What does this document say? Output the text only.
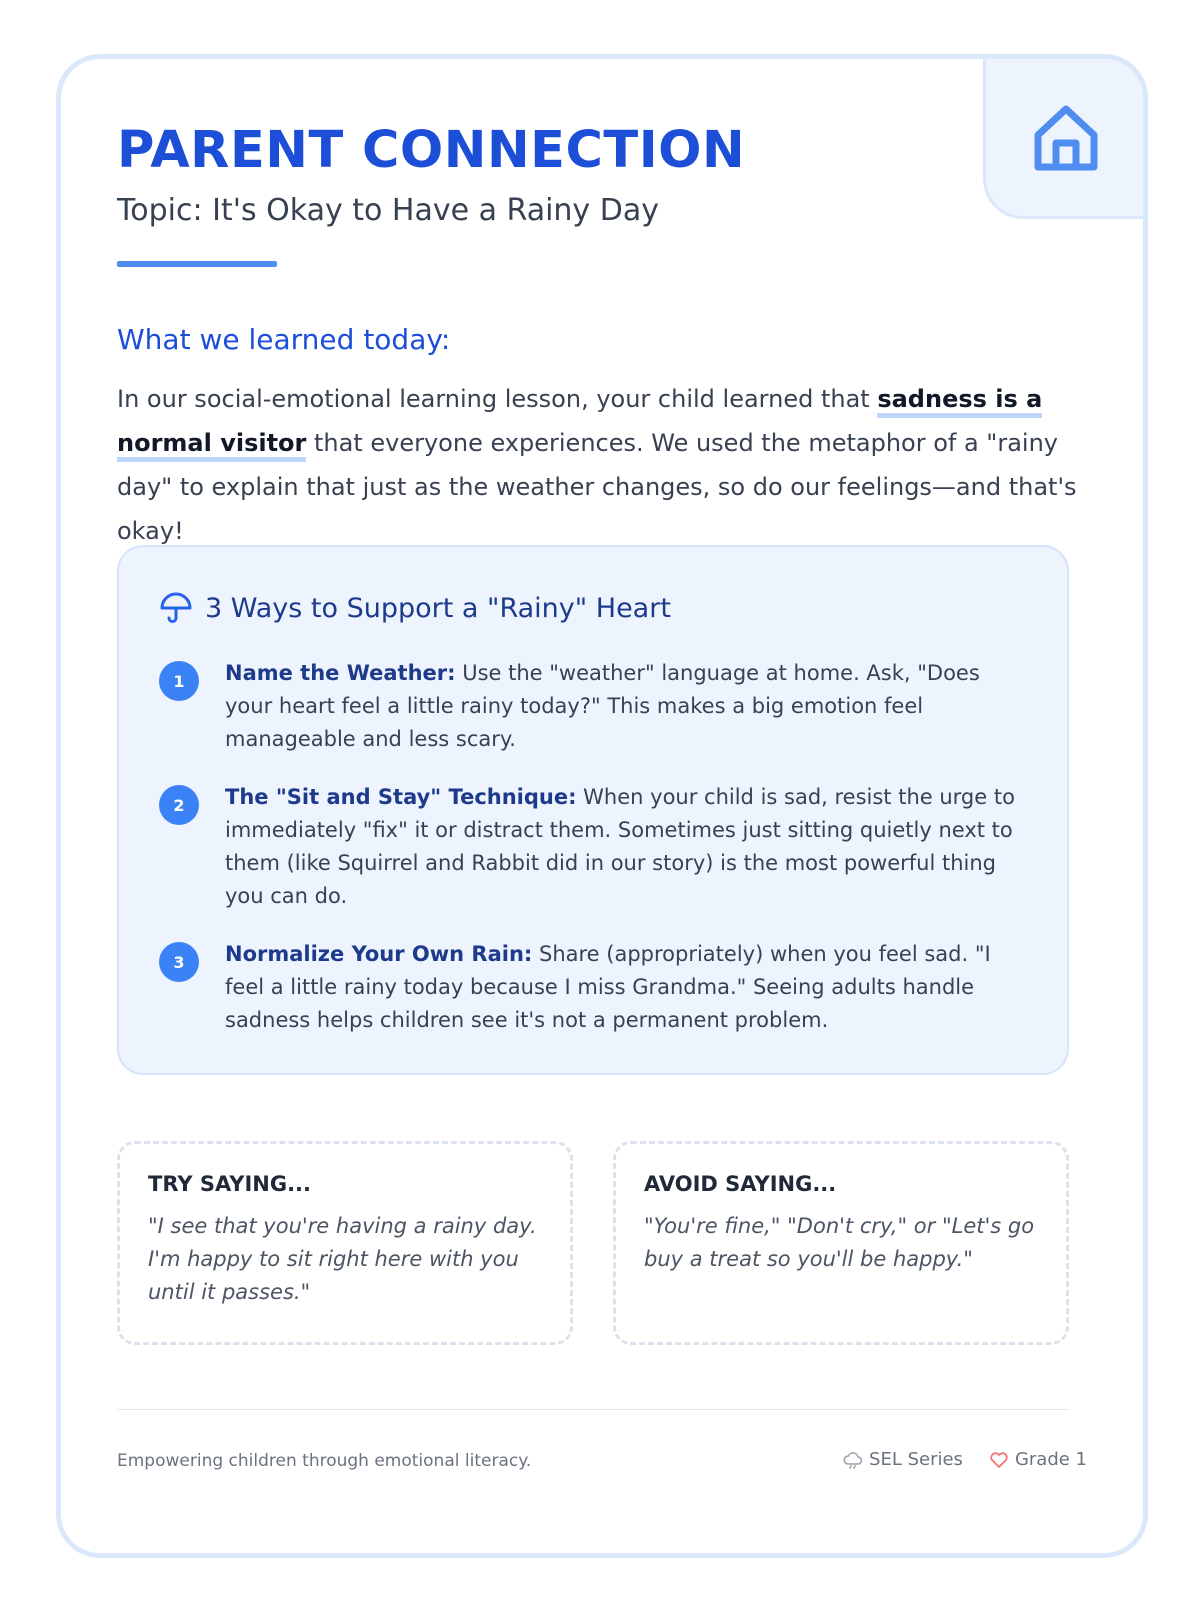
PARENT CONNECTION
Topic: It's Okay to Have a Rainy Day
What we learned today:
In our social-emotional learning lesson, your child learned that sadness is a normal visitor that everyone experiences. We used the metaphor of a "rainy day" to explain that just as the weather changes, so do our feelings—and that's okay!
3 Ways to Support a "Rainy" Heart
1	Name the Weather: Use the "weather" language at home. Ask, "Does your heart feel a little rainy today?" This makes a big emotion feel manageable and less scary.
2	The "Sit and Stay" Technique: When your child is sad, resist the urge to immediately "fix" it or distract them. Sometimes just sitting quietly next to them (like Squirrel and Rabbit did in our story) is the most powerful thing you can do.
3	Normalize Your Own Rain: Share (appropriately) when you feel sad. "I feel a little rainy today because I miss Grandma." Seeing adults handle sadness helps children see it's not a permanent problem.
TRY SAYING...
"I see that you're having a rainy day. I'm happy to sit right here with you until it passes."
AVOID SAYING...
"You're fine," "Don't cry," or "Let's go buy a treat so you'll be happy."
Empowering children through emotional literacy.	SEL Series	Grade 1
